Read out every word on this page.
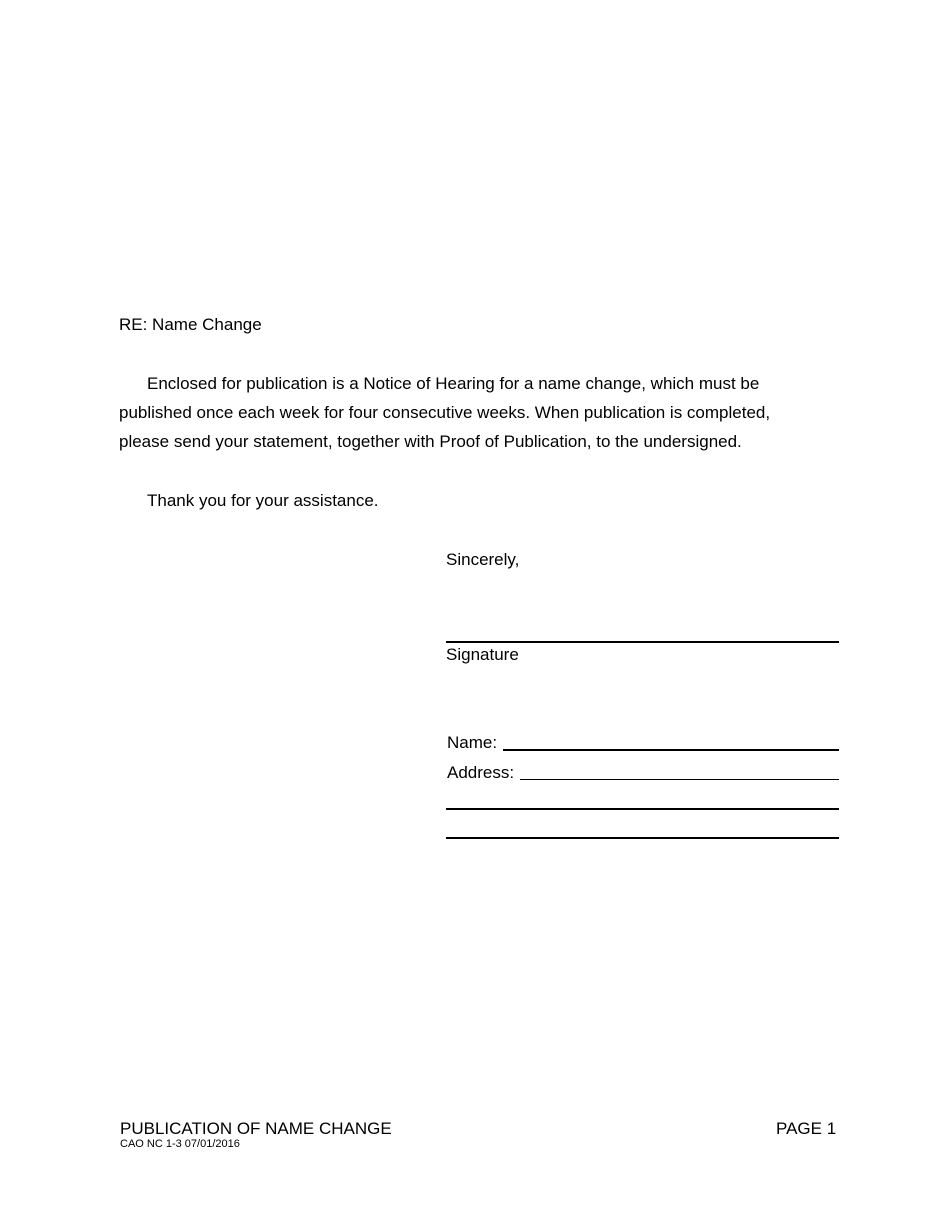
RE: Name Change
Enclosed for publication is a Notice of Hearing for a name change, which must be
published once each week for four consecutive weeks. When publication is completed,
please send your statement, together with Proof of Publication, to the undersigned.
Thank you for your assistance.
Sincerely,
Signature
Name:
Address:
PUBLICATION OF NAME CHANGE
CAO NC 1-3 07/01/2016
PAGE 1
